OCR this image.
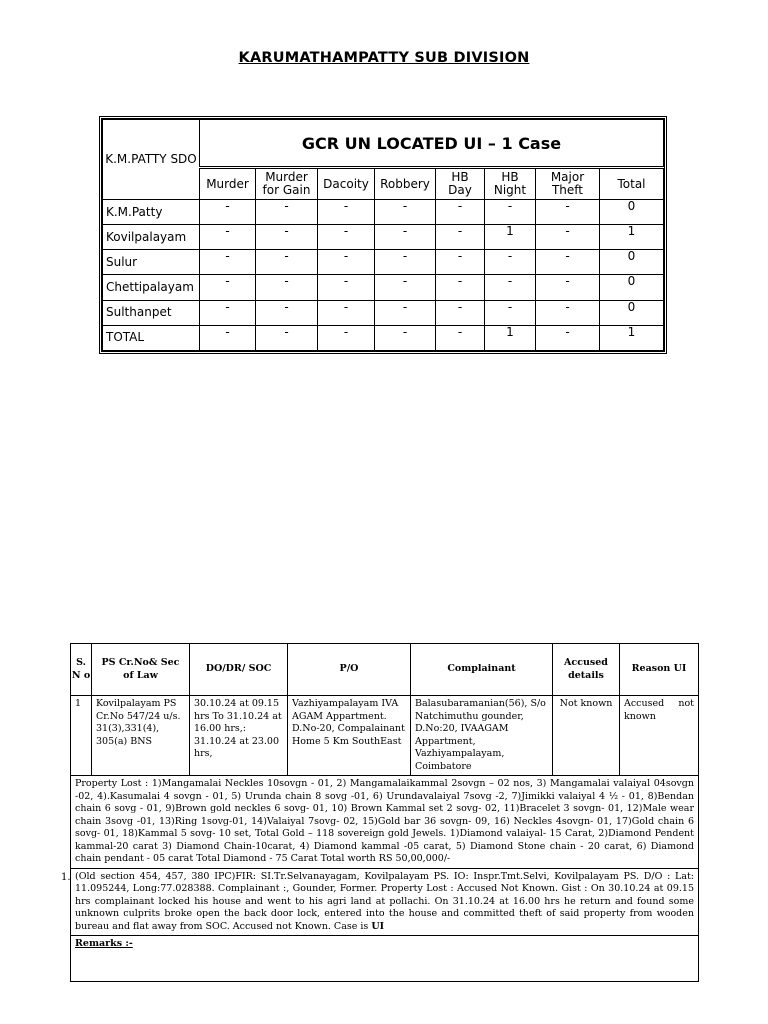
KARUMATHAMPATTY SUB DIVISION
K.M.PATTY SDO	GCR UN LOCATED UI – 1 Case							
	Murder	Murder for Gain	Dacoity	Robbery	HB Day	HB Night	Major Theft	Total
K.M.Patty	-	-	-	-	-	-	-	0
Kovilpalayam	-	-	-	-	-	1	-	1
Sulur	-	-	-	-	-	-	-	0
Chettipalayam	-	-	-	-	-	-	-	0
Sulthanpet	-	-	-	-	-	-	-	0
TOTAL	-	-	-	-	-	1	-	1
S. N o	PS Cr.No& Sec of Law	DO/DR/ SOC	P/O	Complainant	Accused details	Reason UI
1	Kovilpalayam PS Cr.No 547/24 u/s. 31(3),331(4), 305(a) BNS	30.10.24 at 09.15 hrs To 31.10.24 at 16.00 hrs,: 31.10.24 at 23.00 hrs,	Vazhiyampalayam IVA AGAM Appartment. D.No-20, Compalainant Home 5 Km SouthEast	Balasubaramanian(56), S/o Natchimuthu gounder, D.No:20, IVAAGAM Appartment, Vazhiyampalayam, Coimbatore	Not known	Accused not known
Property Lost : 1)Mangamalai Neckles 10sovgn - 01, 2) Mangamalaikammal 2sovgn – 02 nos, 3) Mangamalai valaiyal 04sovgn -02, 4).Kasumalai 4 sovgn - 01, 5) Urunda chain 8 sovg -01, 6) Urundavalaiyal 7sovg -2, 7)Jimikki valaiyal 4 ½ - 01, 8)Bendan chain 6 sovg - 01, 9)Brown gold neckles 6 sovg- 01, 10) Brown Kammal set 2 sovg- 02, 11)Bracelet 3 sovgn- 01, 12)Male wear chain 3sovg -01, 13)Ring 1sovg-01, 14)Valaiyal 7sovg- 02, 15)Gold bar 36 sovgn- 09, 16) Neckles 4sovgn- 01, 17)Gold chain 6 sovg- 01, 18)Kammal 5 sovg- 10 set, Total Gold – 118 sovereign gold Jewels. 1)Diamond valaiyal- 15 Carat, 2)Diamond Pendent kammal-20 carat 3) Diamond Chain-10carat, 4) Diamond kammal -05 carat, 5) Diamond Stone chain - 20 carat, 6) Diamond chain pendant - 05 carat Total Diamond - 75 Carat Total worth RS 50,00,000/-						
(Old section 454, 457, 380 IPC)FIR: SI.Tr.Selvanayagam, Kovilpalayam PS. IO: Inspr.Tmt.Selvi, Kovilpalayam PS. D/O : Lat: 11.095244, Long:77.028388. Complainant :, Gounder, Former. Property Lost : Accused Not Known. Gist : On 30.10.24 at 09.15 hrs complainant locked his house and went to his agri land at pollachi. On 31.10.24 at 16.00 hrs he return and found some unknown culprits broke open the back door lock, entered into the house and committed theft of said property from wooden bureau and flat away from SOC. Accused not Known. Case is UI						
Remarks :-						
1.
